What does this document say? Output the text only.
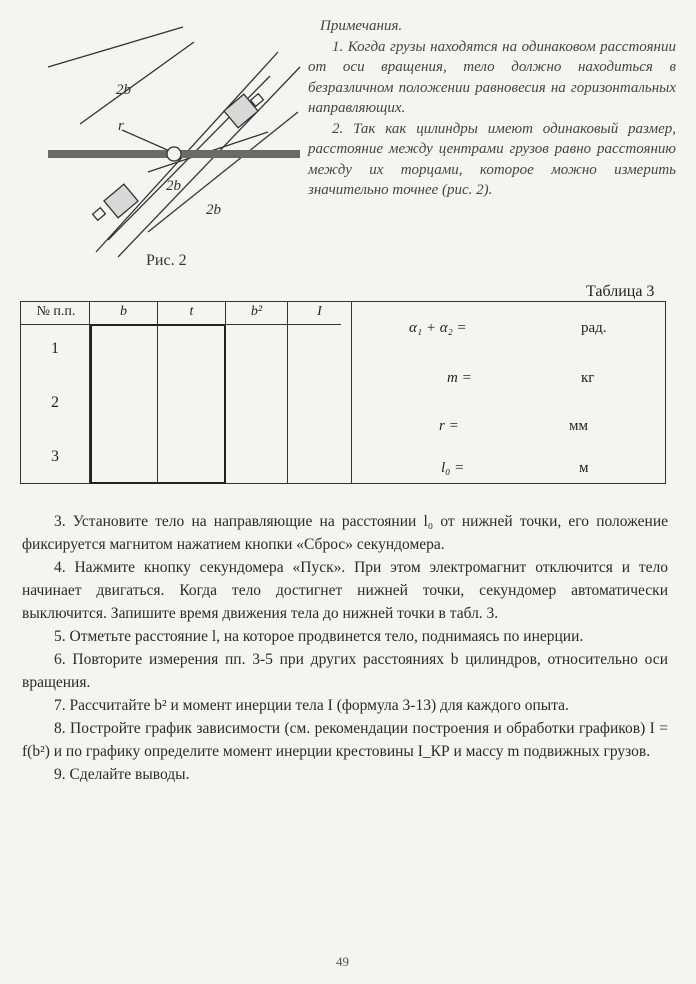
2b
r
2b
2b
Рис. 2

Примечания.

1. Когда грузы находятся на одинаковом расстоянии от оси вращения, тело должно находиться в безразличном положении равновесия на горизонтальных направляющих.

2. Так как цилиндры имеют одинаковый размер, расстояние между центрами грузов равно расстоянию между их торцами, которое можно измерить значительно точнее (рис. 2).

Таблица 3
№ п.п.	b	t	b²	I
1
2
3
α₁ + α₂ =	рад.
m =	кг
r =	мм
l₀ =	м

3. Установите тело на направляющие на расстоянии l₀ от нижней точки, его положение фиксируется магнитом нажатием кнопки «Сброс» секундомера.

4. Нажмите кнопку секундомера «Пуск». При этом электромагнит отключится и тело начинает двигаться. Когда тело достигнет нижней точки, секундомер автоматически выключится. Запишите время движения тела до нижней точки в табл. 3.

5. Отметьте расстояние l, на которое продвинется тело, поднимаясь по инерции.

6. Повторите измерения пп. 3-5 при других расстояниях b цилиндров, относительно оси вращения.

7. Рассчитайте b² и момент инерции тела I (формула 3-13) для каждого опыта.

8. Постройте график зависимости (см. рекомендации построения и обработки графиков) I = f(b²) и по графику определите момент инерции крестовины I_КР и массу m подвижных грузов.

9. Сделайте выводы.

49
